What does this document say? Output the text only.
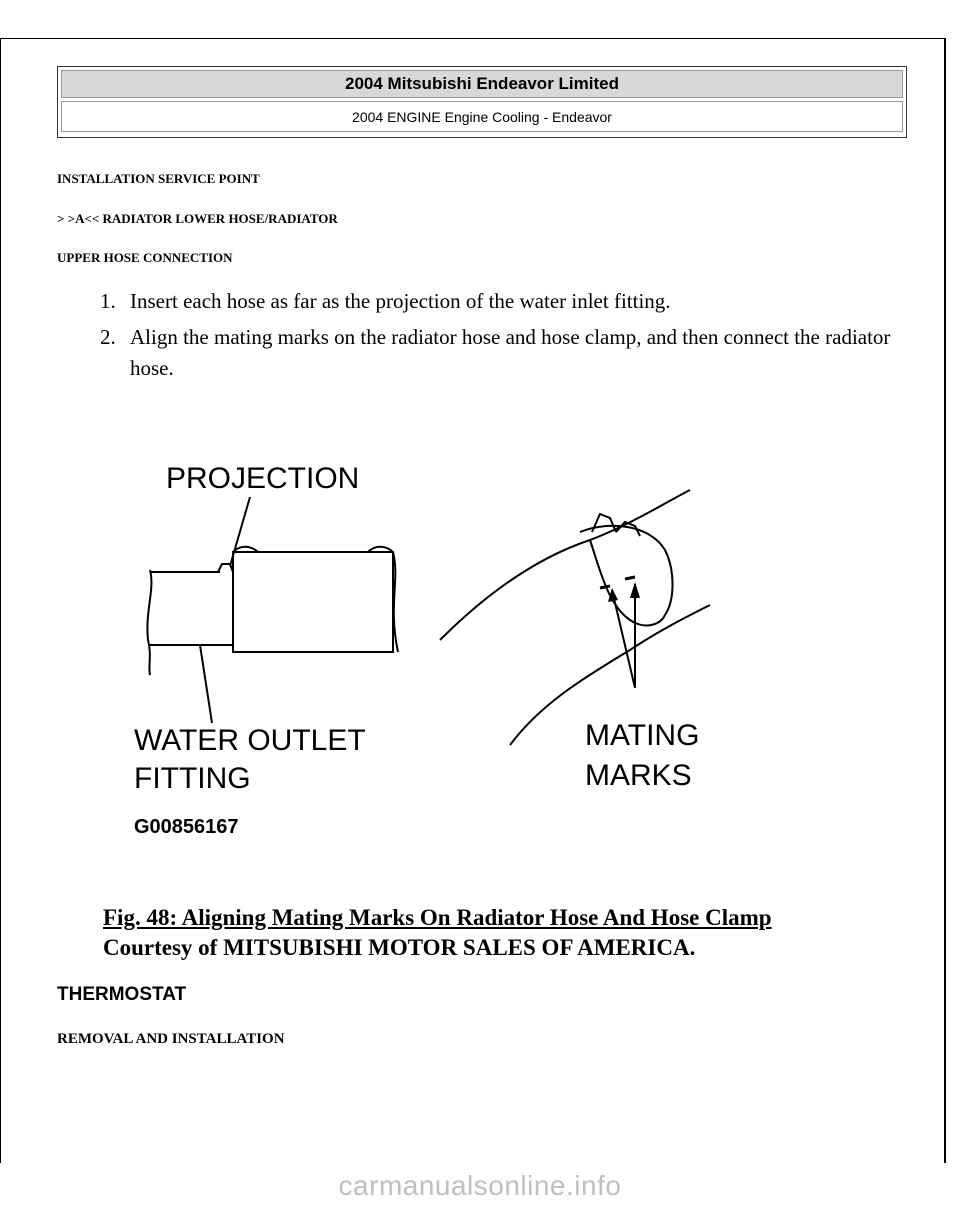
2004 Mitsubishi Endeavor Limited
2004 ENGINE Engine Cooling - Endeavor
INSTALLATION SERVICE POINT
> >A<< RADIATOR LOWER HOSE/RADIATOR
UPPER HOSE CONNECTION
1. Insert each hose as far as the projection of the water inlet fitting.
2. Align the mating marks on the radiator hose and hose clamp, and then connect the radiator hose.
PROJECTION
WATER OUTLET
FITTING
MATING
MARKS
G00856167
Fig. 48: Aligning Mating Marks On Radiator Hose And Hose Clamp
Courtesy of MITSUBISHI MOTOR SALES OF AMERICA.
THERMOSTAT
REMOVAL AND INSTALLATION
carmanualsonline.info
